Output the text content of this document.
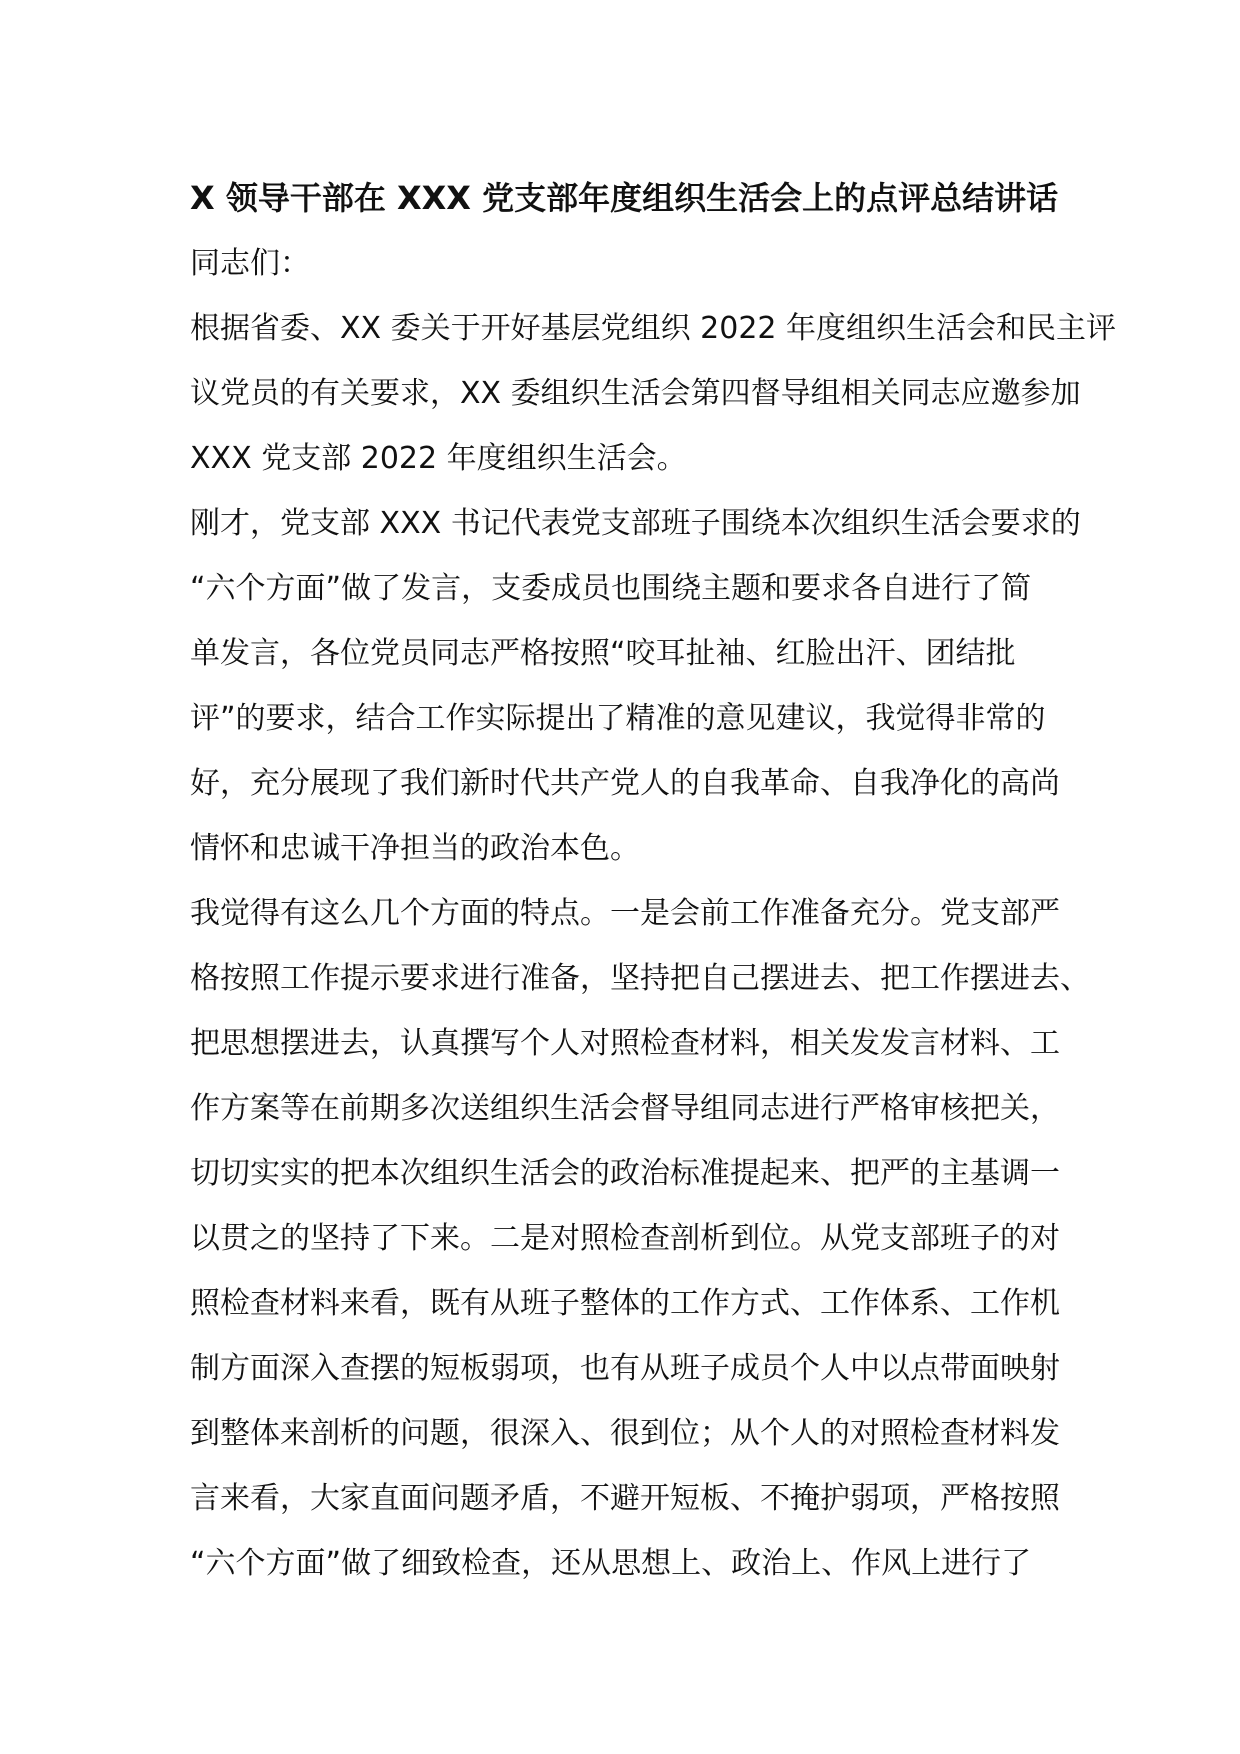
X 领导干部在 XXX 党支部年度组织生活会上的点评总结讲话
同志们：
根据省委、XX 委关于开好基层党组织 2022 年度组织生活会和民主评
议党员的有关要求，XX 委组织生活会第四督导组相关同志应邀参加
XXX 党支部 2022 年度组织生活会。
刚才，党支部 XXX 书记代表党支部班子围绕本次组织生活会要求的
“六个方面”做了发言，支委成员也围绕主题和要求各自进行了简
单发言，各位党员同志严格按照“咬耳扯袖、红脸出汗、团结批
评”的要求，结合工作实际提出了精准的意见建议，我觉得非常的
好，充分展现了我们新时代共产党人的自我革命、自我净化的高尚
情怀和忠诚干净担当的政治本色。
我觉得有这么几个方面的特点。一是会前工作准备充分。党支部严
格按照工作提示要求进行准备，坚持把自己摆进去、把工作摆进去、
把思想摆进去，认真撰写个人对照检查材料，相关发发言材料、工
作方案等在前期多次送组织生活会督导组同志进行严格审核把关，
切切实实的把本次组织生活会的政治标准提起来、把严的主基调一
以贯之的坚持了下来。二是对照检查剖析到位。从党支部班子的对
照检查材料来看，既有从班子整体的工作方式、工作体系、工作机
制方面深入查摆的短板弱项，也有从班子成员个人中以点带面映射
到整体来剖析的问题，很深入、很到位；从个人的对照检查材料发
言来看，大家直面问题矛盾，不避开短板、不掩护弱项，严格按照
“六个方面”做了细致检查，还从思想上、政治上、作风上进行了
